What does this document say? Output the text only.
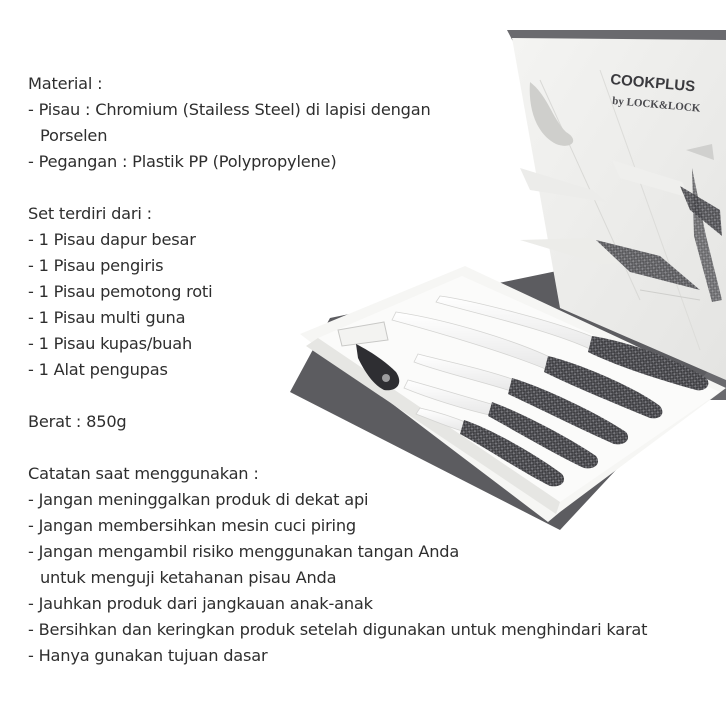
COOKPLUS
by LOCK&LOCK
Material :
- Pisau : Chromium (Stailess Steel) di lapisi dengan
Porselen
- Pegangan : Plastik PP (Polypropylene)
Set terdiri dari :
- 1 Pisau dapur besar
- 1 Pisau pengiris
- 1 Pisau pemotong roti
- 1 Pisau multi guna
- 1 Pisau kupas/buah
- 1 Alat pengupas
Berat : 850g
Catatan saat menggunakan :
- Jangan meninggalkan produk di dekat api
- Jangan membersihkan mesin cuci piring
- Jangan mengambil risiko menggunakan tangan Anda
untuk menguji ketahanan pisau Anda
- Jauhkan produk dari jangkauan anak-anak
- Bersihkan dan keringkan produk setelah digunakan untuk menghindari karat
- Hanya gunakan tujuan dasar
